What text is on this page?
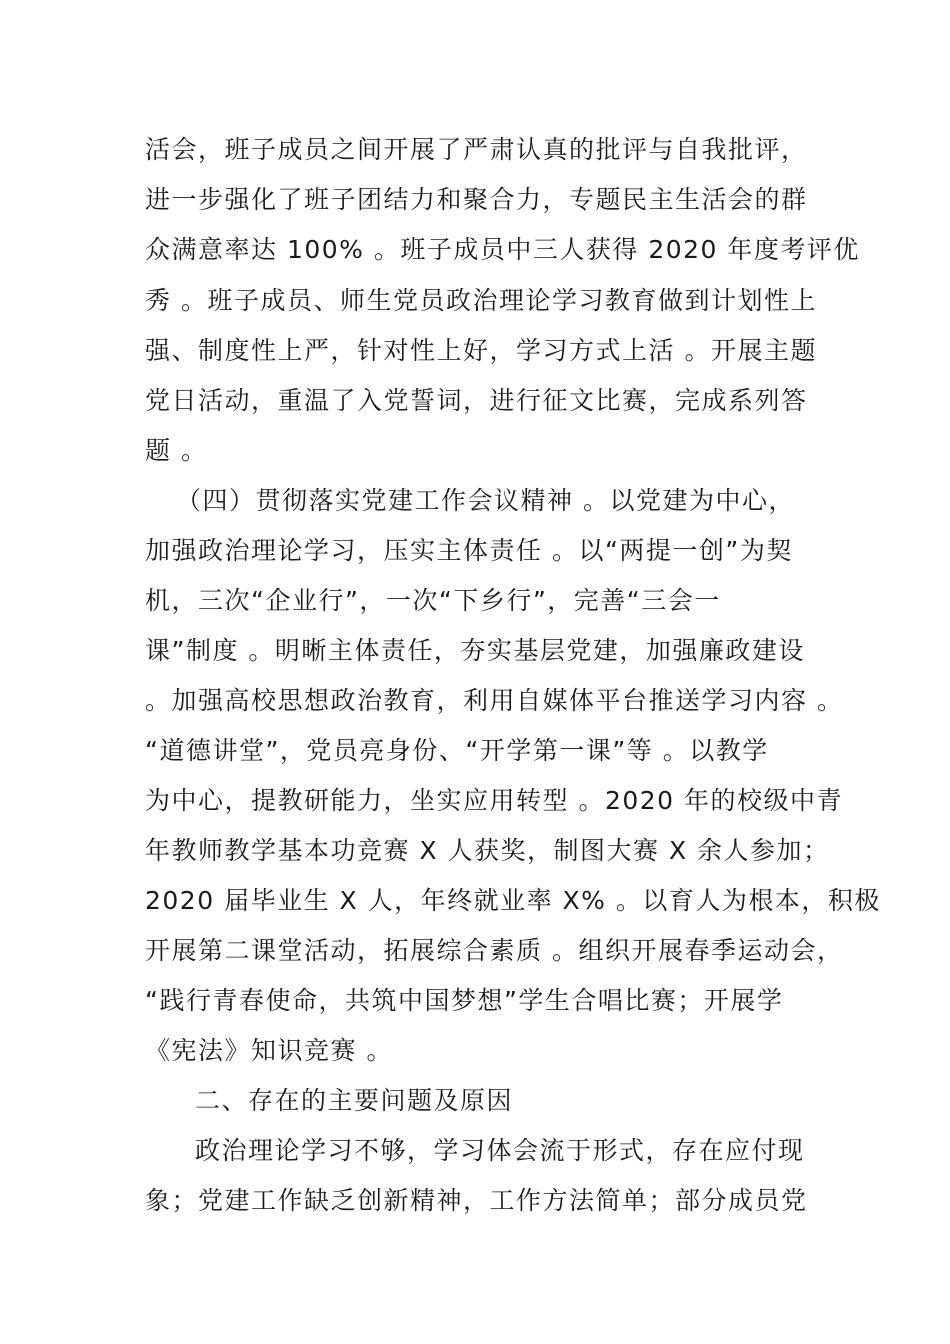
活会，班子成员之间开展了严肃认真的批评与自我批评，
进一步强化了班子团结力和聚合力，专题民主生活会的群
众满意率达 100% 。班子成员中三人获得 2020 年度考评优
秀 。班子成员、师生党员政治理论学习教育做到计划性上
强、制度性上严，针对性上好，学习方式上活 。开展主题
党日活动，重温了入党誓词，进行征文比赛，完成系列答
题 。
（四）贯彻落实党建工作会议精神 。以党建为中心，
加强政治理论学习，压实主体责任 。以“两提一创”为契
机，三次“企业行”，一次“下乡行”，完善“三会一
课”制度 。明晰主体责任，夯实基层党建，加强廉政建设
。加强高校思想政治教育，利用自媒体平台推送学习内容 。
“道德讲堂”，党员亮身份、“开学第一课”等 。以教学
为中心，提教研能力，坐实应用转型 。2020 年的校级中青
年教师教学基本功竞赛 X 人获奖，制图大赛 X 余人参加；
2020 届毕业生 X 人，年终就业率 X% 。以育人为根本，积极
开展第二课堂活动，拓展综合素质 。组织开展春季运动会，
“践行青春使命，共筑中国梦想”学生合唱比赛；开展学
《宪法》知识竞赛 。
二、存在的主要问题及原因
政治理论学习不够，学习体会流于形式，存在应付现
象；党建工作缺乏创新精神，工作方法简单；部分成员党
